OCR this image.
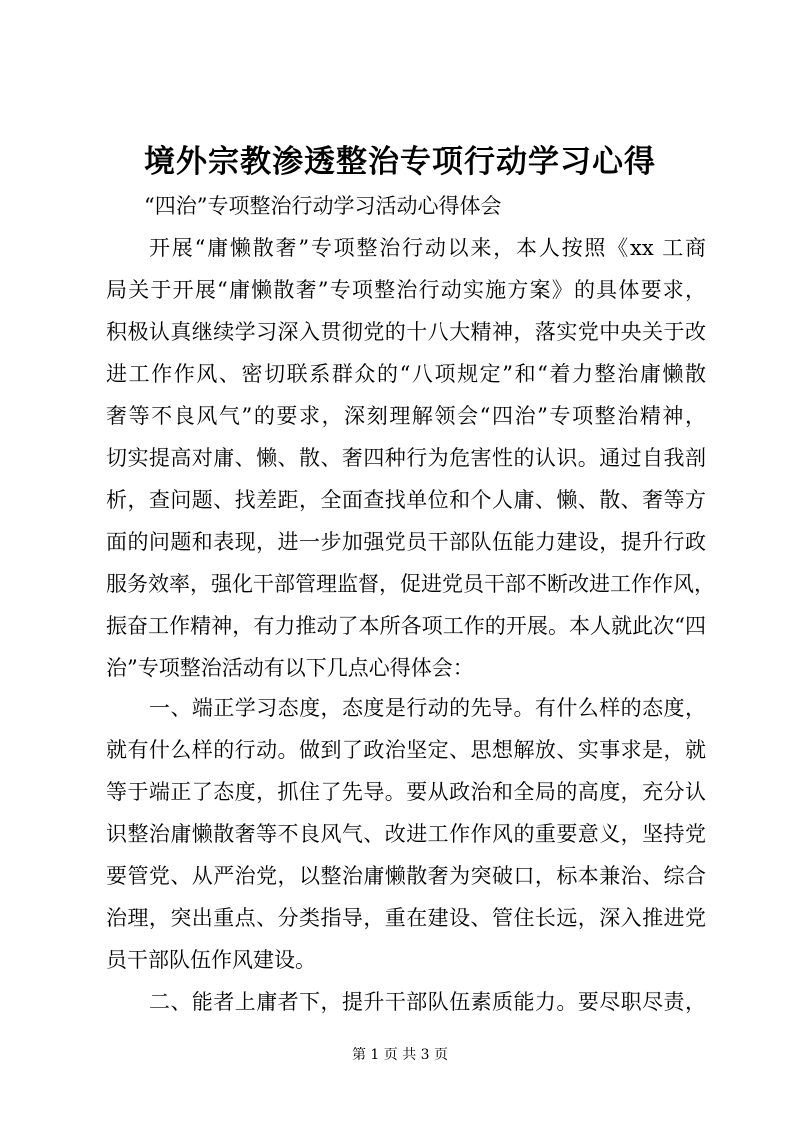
境外宗教渗透整治专项行动学习心得

“四治”专项整治行动学习活动心得体会

开展“庸懒散奢”专项整治行动以来，本人按照《xx 工商

局关于开展“庸懒散奢”专项整治行动实施方案》的具体要求，

积极认真继续学习深入贯彻党的十八大精神，落实党中央关于改

进工作作风、密切联系群众的“八项规定”和“着力整治庸懒散

奢等不良风气”的要求，深刻理解领会“四治”专项整治精神，

切实提高对庸、懒、散、奢四种行为危害性的认识。通过自我剖

析，查问题、找差距，全面查找单位和个人庸、懒、散、奢等方

面的问题和表现，进一步加强党员干部队伍能力建设，提升行政

服务效率，强化干部管理监督，促进党员干部不断改进工作作风，

振奋工作精神，有力推动了本所各项工作的开展。本人就此次“四

治”专项整治活动有以下几点心得体会：

一、端正学习态度，态度是行动的先导。有什么样的态度，

就有什么样的行动。做到了政治坚定、思想解放、实事求是，就

等于端正了态度，抓住了先导。要从政治和全局的高度，充分认

识整治庸懒散奢等不良风气、改进工作作风的重要意义，坚持党

要管党、从严治党，以整治庸懒散奢为突破口，标本兼治、综合

治理，突出重点、分类指导，重在建设、管住长远，深入推进党

员干部队伍作风建设。

二、能者上庸者下，提升干部队伍素质能力。要尽职尽责，

第 1 页 共 3 页
